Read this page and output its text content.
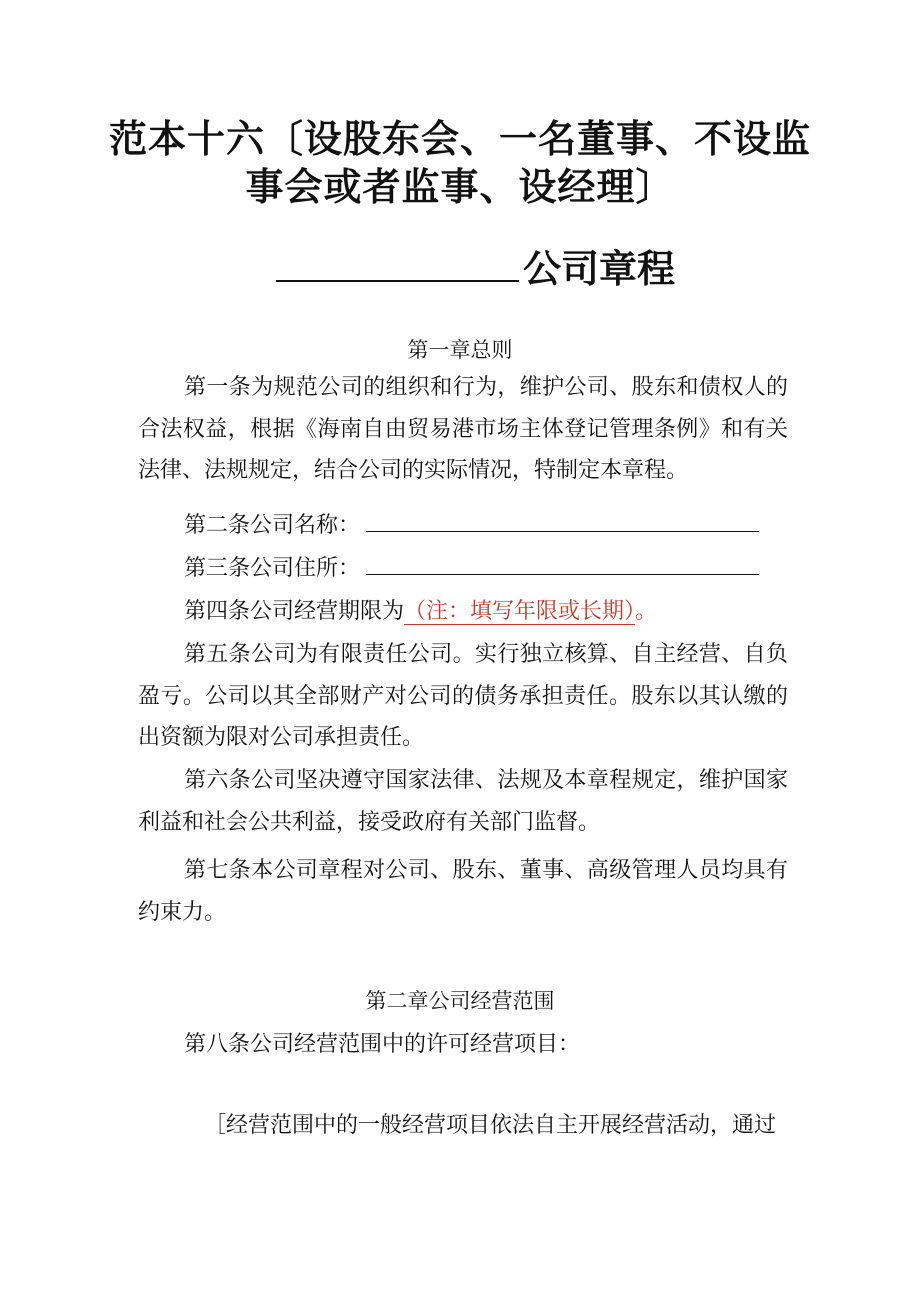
范本十六〔设股东会、一名董事、不设监
事会或者监事、设经理〕
公司章程
第一章总则
第一条为规范公司的组织和行为，维护公司、股东和债权人的合法权益，根据《海南自由贸易港市场主体登记管理条例》和有关法律、法规规定，结合公司的实际情况，特制定本章程。
第二条公司名称：
第三条公司住所：
第四条公司经营期限为（注：填写年限或长期）。
第五条公司为有限责任公司。实行独立核算、自主经营、自负盈亏。公司以其全部财产对公司的债务承担责任。股东以其认缴的出资额为限对公司承担责任。
第六条公司坚决遵守国家法律、法规及本章程规定，维护国家利益和社会公共利益，接受政府有关部门监督。
第七条本公司章程对公司、股东、董事、高级管理人员均具有约束力。
第二章公司经营范围
第八条公司经营范围中的许可经营项目：
［经营范围中的一般经营项目依法自主开展经营活动，通过
